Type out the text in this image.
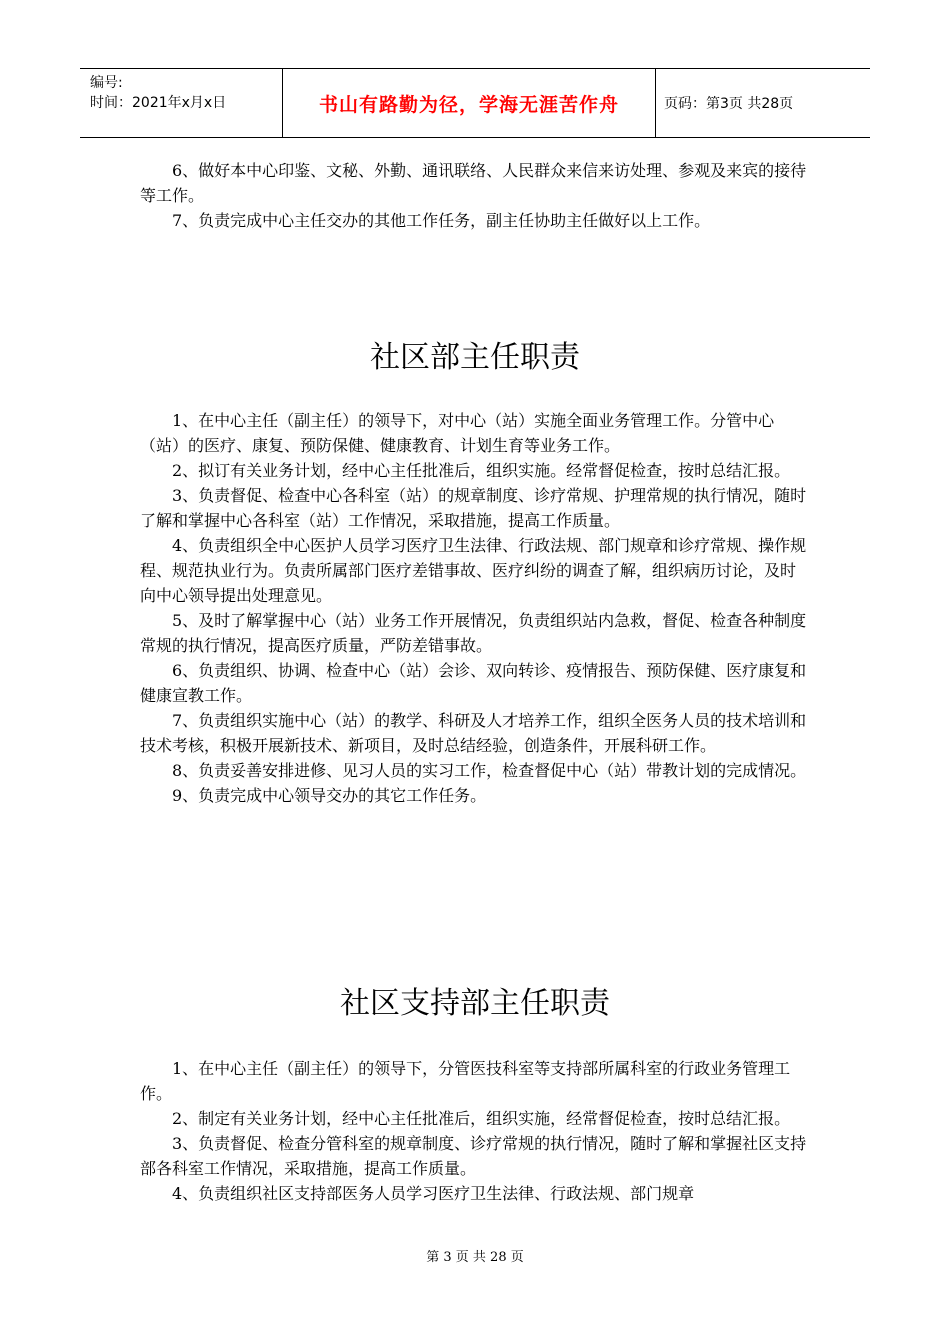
编号:
时间：2021年x月x日	书山有路勤为径，学海无涯苦作舟	页码：第3页 共28页

6、做好本中心印鉴、文秘、外勤、通讯联络、人民群众来信来访处理、参观及来宾的接待等工作。

7、负责完成中心主任交办的其他工作任务，副主任协助主任做好以上工作。

社区部主任职责

1、在中心主任（副主任）的领导下，对中心（站）实施全面业务管理工作。分管中心（站）的医疗、康复、预防保健、健康教育、计划生育等业务工作。

2、拟订有关业务计划，经中心主任批准后，组织实施。经常督促检查，按时总结汇报。

3、负责督促、检查中心各科室（站）的规章制度、诊疗常规、护理常规的执行情况，随时了解和掌握中心各科室（站）工作情况，采取措施，提高工作质量。

4、负责组织全中心医护人员学习医疗卫生法律、行政法规、部门规章和诊疗常规、操作规程、规范执业行为。负责所属部门医疗差错事故、医疗纠纷的调查了解，组织病历讨论，及时向中心领导提出处理意见。

5、及时了解掌握中心（站）业务工作开展情况，负责组织站内急救，督促、检查各种制度常规的执行情况，提高医疗质量，严防差错事故。

6、负责组织、协调、检查中心（站）会诊、双向转诊、疫情报告、预防保健、医疗康复和健康宣教工作。

7、负责组织实施中心（站）的教学、科研及人才培养工作，组织全医务人员的技术培训和技术考核，积极开展新技术、新项目，及时总结经验，创造条件，开展科研工作。

8、负责妥善安排进修、见习人员的实习工作，检查督促中心（站）带教计划的完成情况。

9、负责完成中心领导交办的其它工作任务。

社区支持部主任职责

1、在中心主任（副主任）的领导下，分管医技科室等支持部所属科室的行政业务管理工作。

2、制定有关业务计划，经中心主任批准后，组织实施，经常督促检查，按时总结汇报。

3、负责督促、检查分管科室的规章制度、诊疗常规的执行情况，随时了解和掌握社区支持部各科室工作情况，采取措施，提高工作质量。

4、负责组织社区支持部医务人员学习医疗卫生法律、行政法规、部门规章

第 3 页 共 28 页
